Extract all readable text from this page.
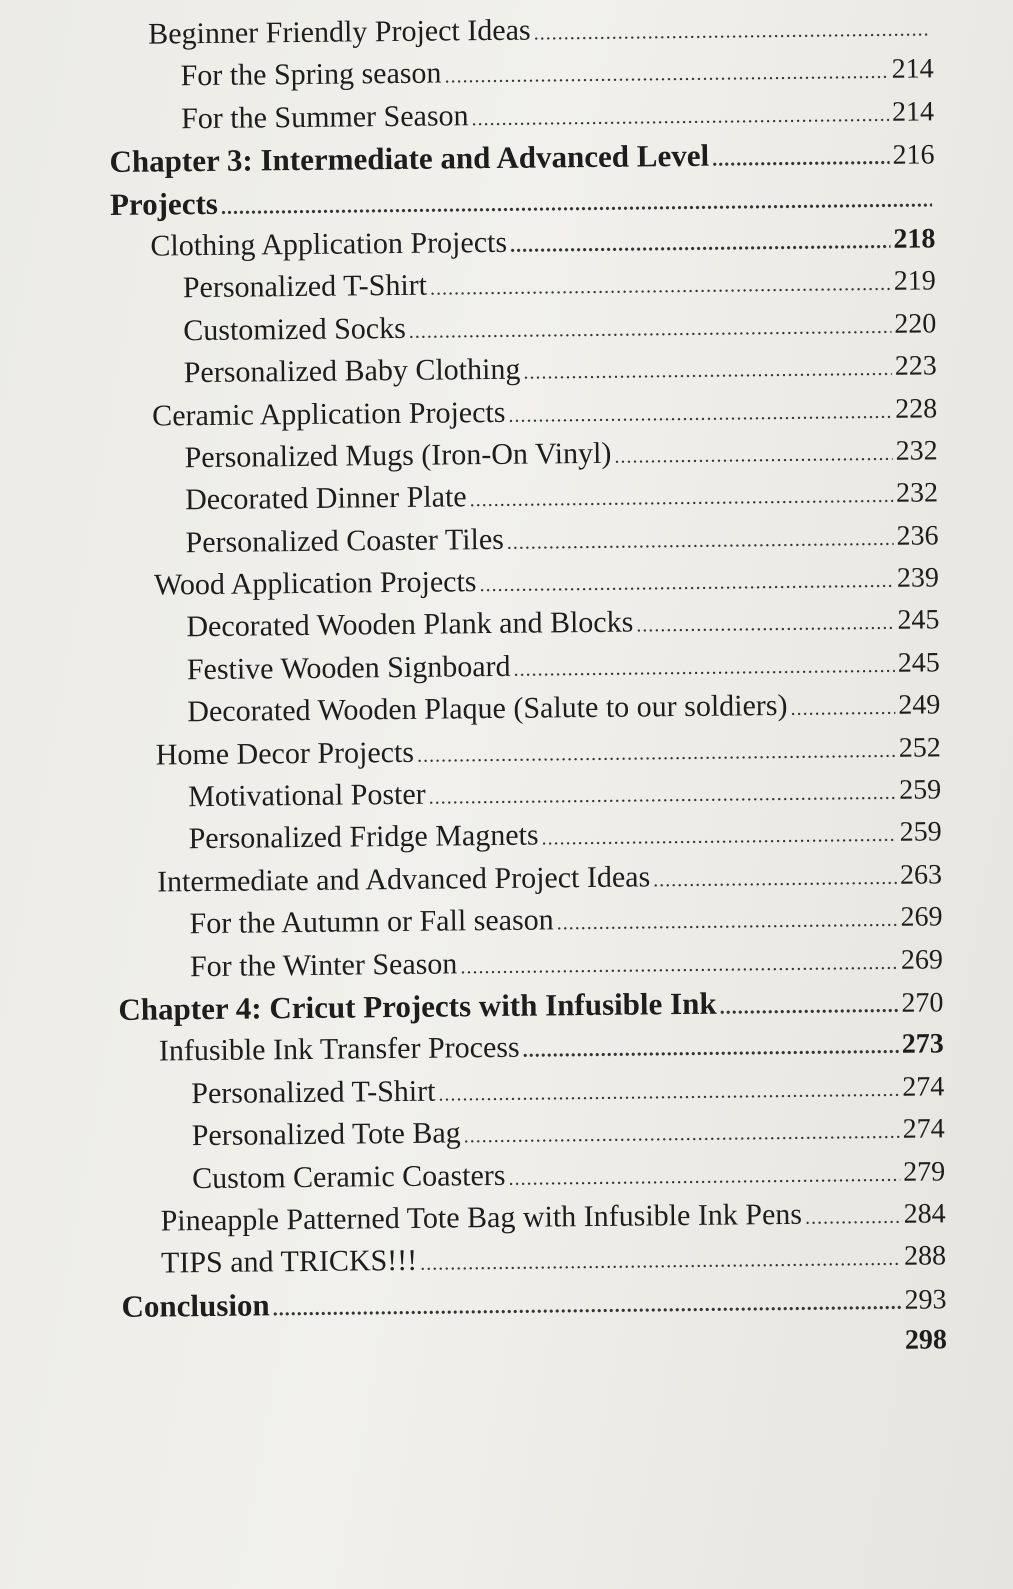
Beginner Friendly Project Ideas
.....
For the Spring season .....	214
For the Summer Season .....	214
Chapter 3: Intermediate and Advanced Level .....	216
Projects
.....
Clothing Application Projects .....	218
Personalized T-Shirt .....	219
Customized Socks .....	220
Personalized Baby Clothing .....	223
Ceramic Application Projects .....	228
Personalized Mugs (Iron-On Vinyl) .....	232
Decorated Dinner Plate .....	232
Personalized Coaster Tiles .....	236
Wood Application Projects .....	239
Decorated Wooden Plank and Blocks .....	245
Festive Wooden Signboard .....	245
Decorated Wooden Plaque (Salute to our soldiers) .....	249
Home Decor Projects .....	252
Motivational Poster .....	259
Personalized Fridge Magnets .....	259
Intermediate and Advanced Project Ideas .....	263
For the Autumn or Fall season .....	269
For the Winter Season .....	269
Chapter 4: Cricut Projects with Infusible Ink .....	270
Infusible Ink Transfer Process .....	273
Personalized T-Shirt .....	274
Personalized Tote Bag .....	274
Custom Ceramic Coasters .....	279
Pineapple Patterned Tote Bag with Infusible Ink Pens .....	284
TIPS and TRICKS!!! .....	288
Conclusion .....	293
298
